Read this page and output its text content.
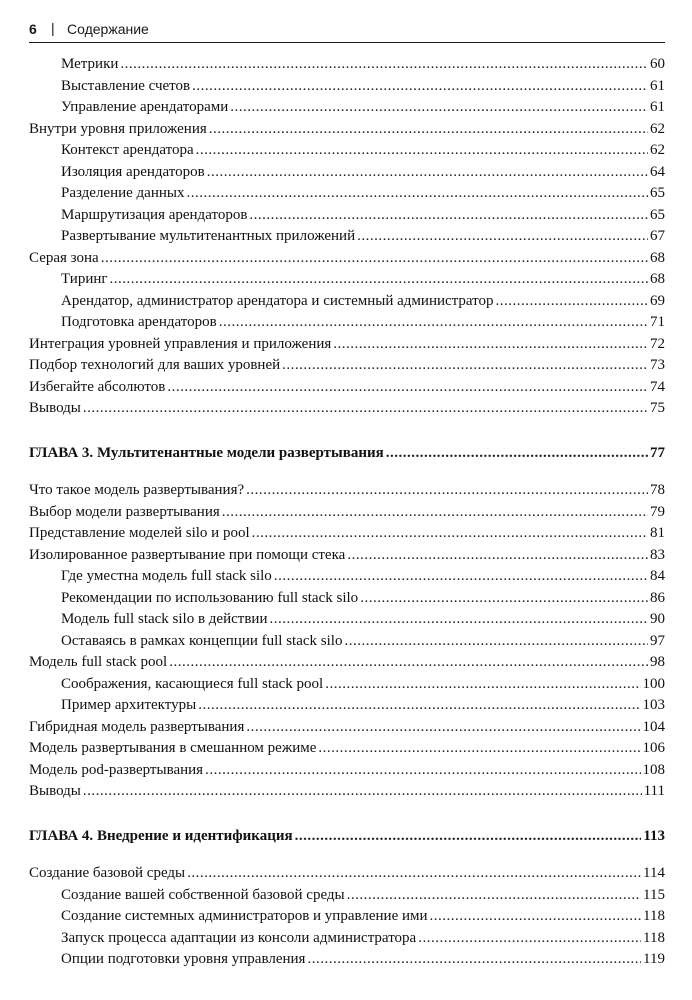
6 | Содержание
Метрики .....	60
Выставление счетов .....	61
Управление арендаторами .....	61
Внутри уровня приложения .....	62
Контекст арендатора .....	62
Изоляция арендаторов .....	64
Разделение данных .....	65
Маршрутизация арендаторов .....	65
Развертывание мультитенантных приложений .....	67
Серая зона .....	68
Тиринг .....	68
Арендатор, администратор арендатора и системный администратор .....	69
Подготовка арендаторов .....	71
Интеграция уровней управления и приложения .....	72
Подбор технологий для ваших уровней .....	73
Избегайте абсолютов .....	74
Выводы .....	75
ГЛАВА 3. Мультитенантные модели развертывания .....	77
Что такое модель развертывания? .....	78
Выбор модели развертывания .....	79
Представление моделей silo и pool .....	81
Изолированное развертывание при помощи стека .....	83
Где уместна модель full stack silo .....	84
Рекомендации по использованию full stack silo .....	86
Модель full stack silo в действии .....	90
Оставаясь в рамках концепции full stack silo .....	97
Модель full stack pool .....	98
Соображения, касающиеся full stack pool .....	100
Пример архитектуры .....	103
Гибридная модель развертывания .....	104
Модель развертывания в смешанном режиме .....	106
Модель pod-развертывания .....	108
Выводы .....	111
ГЛАВА 4. Внедрение и идентификация .....	113
Создание базовой среды .....	114
Создание вашей собственной базовой среды .....	115
Создание системных администраторов и управление ими .....	118
Запуск процесса адаптации из консоли администратора .....	118
Опции подготовки уровня управления .....	119
